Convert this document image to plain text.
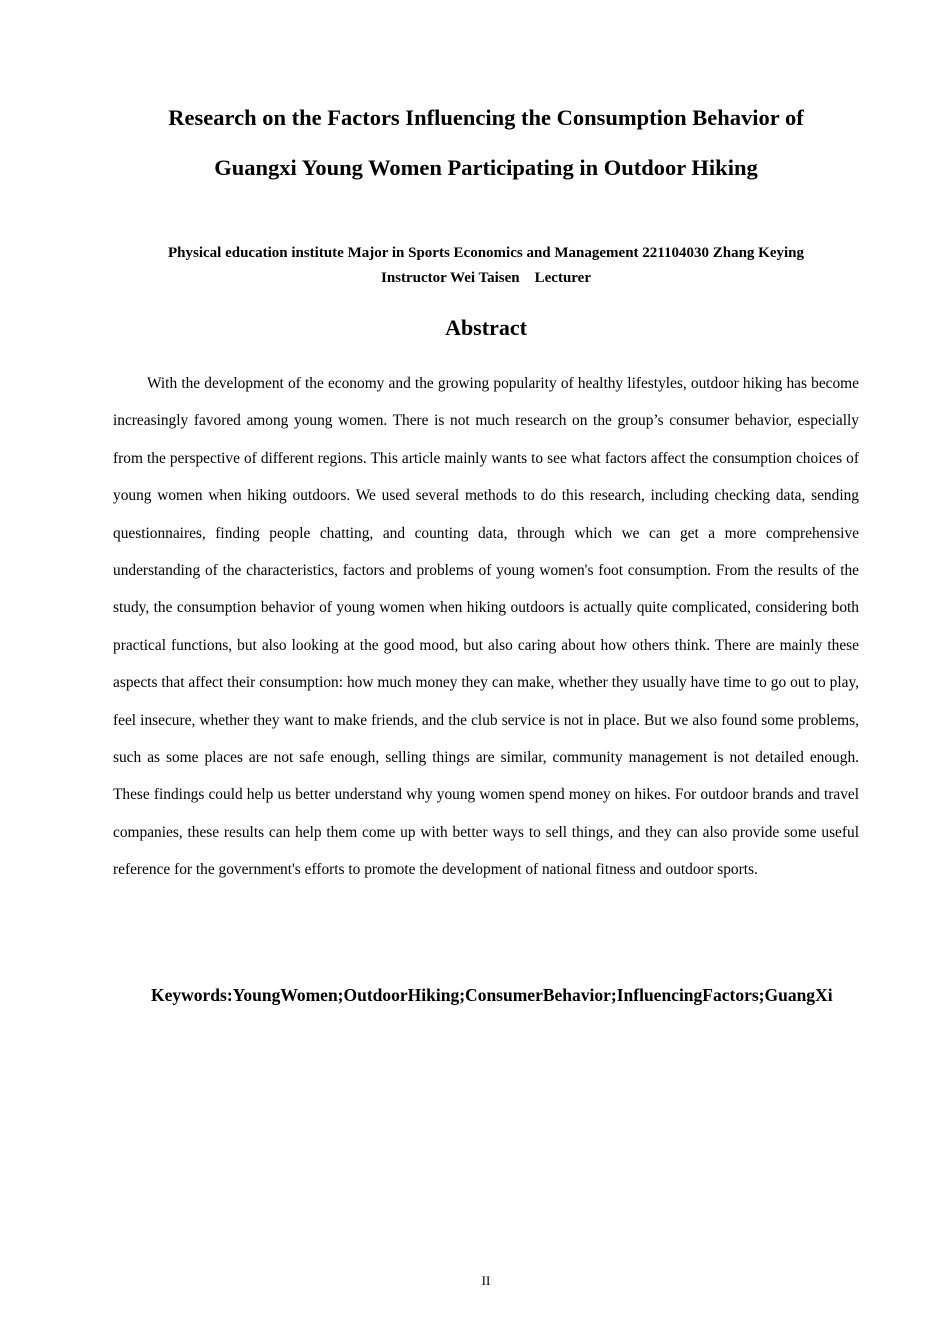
Research on the Factors Influencing the Consumption Behavior of
Guangxi Young Women Participating in Outdoor Hiking
Physical education institute Major in Sports Economics and Management 221104030 Zhang Keying
Instructor Wei Taisen    Lecturer
Abstract

With the development of the economy and the growing popularity of healthy lifestyles, outdoor hiking has become increasingly favored among young women. There is not much research on the group’s consumer behavior, especially from the perspective of different regions. This article mainly wants to see what factors affect the consumption choices of young women when hiking outdoors. We used several methods to do this research, including checking data, sending questionnaires, finding people chatting, and counting data, through which we can get a more comprehensive understanding of the characteristics, factors and problems of young women's foot consumption. From the results of the study, the consumption behavior of young women when hiking outdoors is actually quite complicated, considering both practical functions, but also looking at the good mood, but also caring about how others think. There are mainly these aspects that affect their consumption: how much money they can make, whether they usually have time to go out to play, feel insecure, whether they want to make friends, and the club service is not in place. But we also found some problems, such as some places are not safe enough, selling things are similar, community management is not detailed enough. These findings could help us better understand why young women spend money on hikes. For outdoor brands and travel companies, these results can help them come up with better ways to sell things, and they can also provide some useful reference for the government's efforts to promote the development of national fitness and outdoor sports.

Keywords:YoungWomen;OutdoorHiking;ConsumerBehavior;InfluencingFactors;GuangXi

II
